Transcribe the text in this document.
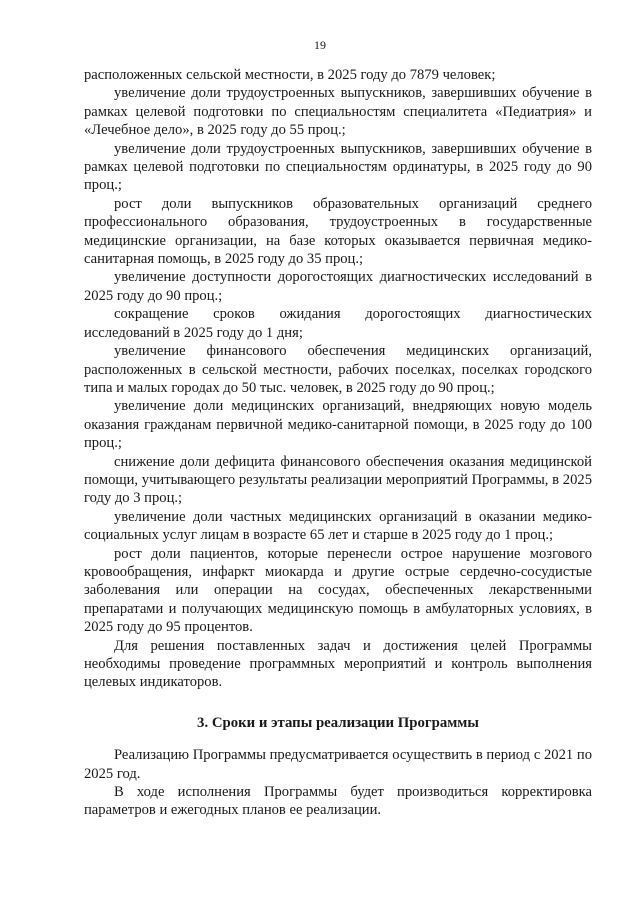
19

расположенных сельской местности, в 2025 году до 7879 человек;

увеличение доли трудоустроенных выпускников, завершивших обучение в рамках целевой подготовки по специальностям специалитета «Педиатрия» и «Лечебное дело», в 2025 году до 55 проц.;

увеличение доли трудоустроенных выпускников, завершивших обучение в рамках целевой подготовки по специальностям ординатуры, в 2025 году до 90 проц.;

рост доли выпускников образовательных организаций среднего профессионального образования, трудоустроенных в государственные медицинские организации, на базе которых оказывается первичная медико-санитарная помощь, в 2025 году до 35 проц.;

увеличение доступности дорогостоящих диагностических исследований в 2025 году до 90 проц.;

сокращение сроков ожидания дорогостоящих диагностических исследований в 2025 году до 1 дня;

увеличение финансового обеспечения медицинских организаций, расположенных в сельской местности, рабочих поселках, поселках городского типа и малых городах до 50 тыс. человек, в 2025 году до 90 проц.;

увеличение доли медицинских организаций, внедряющих новую модель оказания гражданам первичной медико-санитарной помощи, в 2025 году до 100 проц.;

снижение доли дефицита финансового обеспечения оказания медицинской помощи, учитывающего результаты реализации мероприятий Программы, в 2025 году до 3 проц.;

увеличение доли частных медицинских организаций в оказании медико-социальных услуг лицам в возрасте 65 лет и старше в 2025 году до 1 проц.;

рост доли пациентов, которые перенесли острое нарушение мозгового кровообращения, инфаркт миокарда и другие острые сердечно-сосудистые заболевания или операции на сосудах, обеспеченных лекарственными препаратами и получающих медицинскую помощь в амбулаторных условиях, в 2025 году до 95 процентов.

Для решения поставленных задач и достижения целей Программы необходимы проведение программных мероприятий и контроль выполнения целевых индикаторов.

3. Сроки и этапы реализации Программы

Реализацию Программы предусматривается осуществить в период с 2021 по 2025 год.

В ходе исполнения Программы будет производиться корректировка параметров и ежегодных планов ее реализации.
